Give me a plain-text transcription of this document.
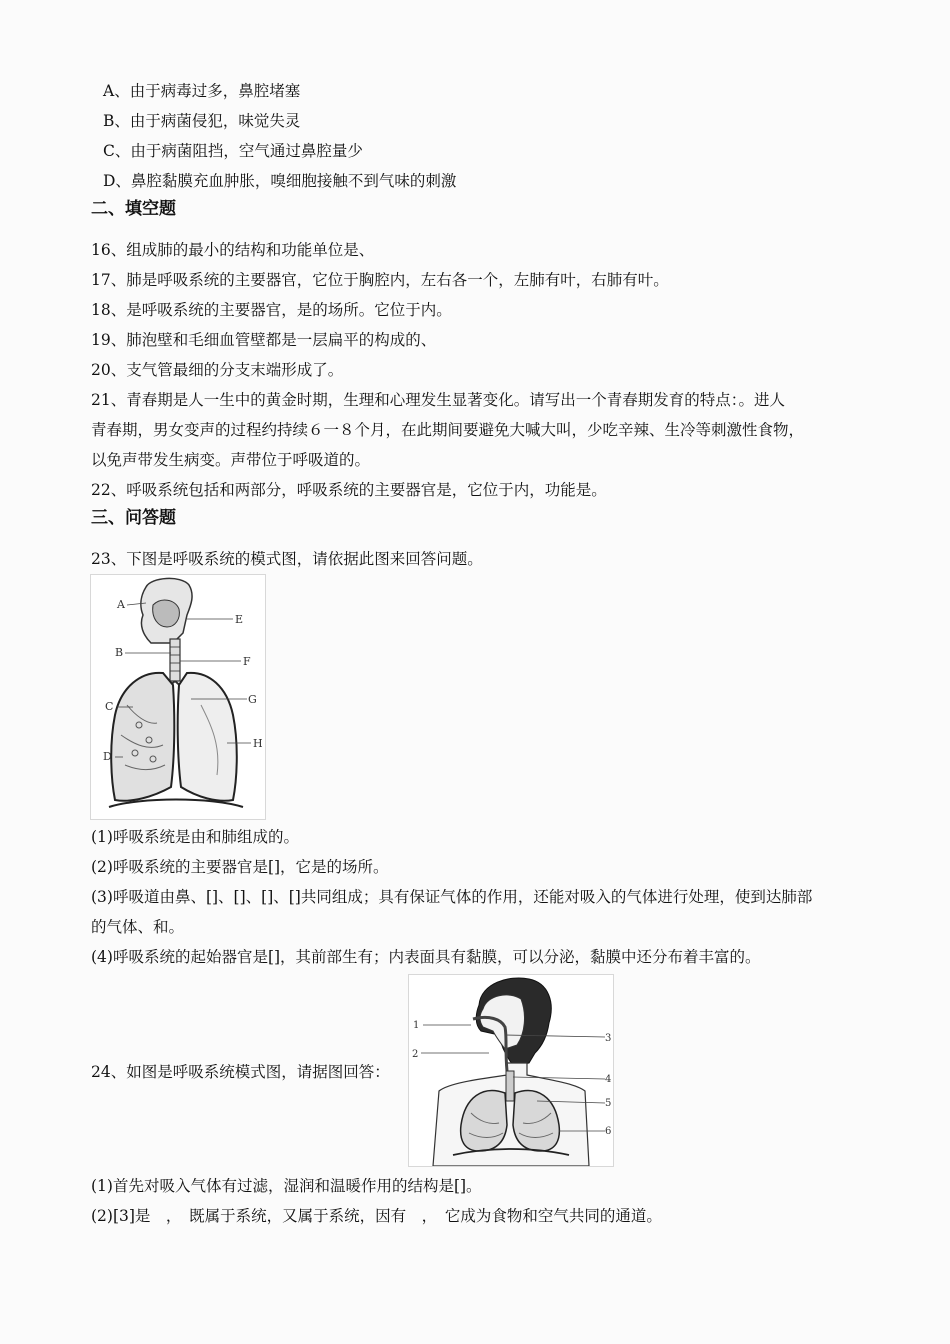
A、由于病毒过多，鼻腔堵塞
B、由于病菌侵犯，味觉失灵
C、由于病菌阻挡，空气通过鼻腔量少
D、鼻腔黏膜充血肿胀，嗅细胞接触不到气味的刺激
二、填空题
16、组成肺的最小的结构和功能单位是、
17、肺是呼吸系统的主要器官，它位于胸腔内，左右各一个，左肺有叶，右肺有叶。
18、是呼吸系统的主要器官，是的场所。它位于内。
19、肺泡壁和毛细血管壁都是一层扁平的构成的、
20、支气管最细的分支末端形成了。
21、青春期是人一生中的黄金时期，生理和心理发生显著变化。请写出一个青春期发育的特点：。进人
青春期，男女变声的过程约持续６一８个月，在此期间要避免大喊大叫，少吃辛辣、生冷等刺激性食物，
以免声带发生病变。声带位于呼吸道的。
22、呼吸系统包括和两部分，呼吸系统的主要器官是，它位于内，功能是。
三、问答题
23、下图是呼吸系统的模式图，请依据此图来回答问题。
A
B
C
D
E
F
G
H
(1)呼吸系统是由和肺组成的。
(2)呼吸系统的主要器官是[]，它是的场所。
(3)呼吸道由鼻、[]、[]、[]、[]共同组成；具有保证气体的作用，还能对吸入的气体进行处理，使到达肺部
的气体、和。
(4)呼吸系统的起始器官是[]，其前部生有；内表面具有黏膜，可以分泌，黏膜中还分布着丰富的。
24、如图是呼吸系统模式图，请据图回答：
1
2
3
4
5
6
(1)首先对吸入气体有过滤，湿润和温暖作用的结构是[]。
(2)[3]是　，　既属于系统，又属于系统，因有　，　它成为食物和空气共同的通道。
